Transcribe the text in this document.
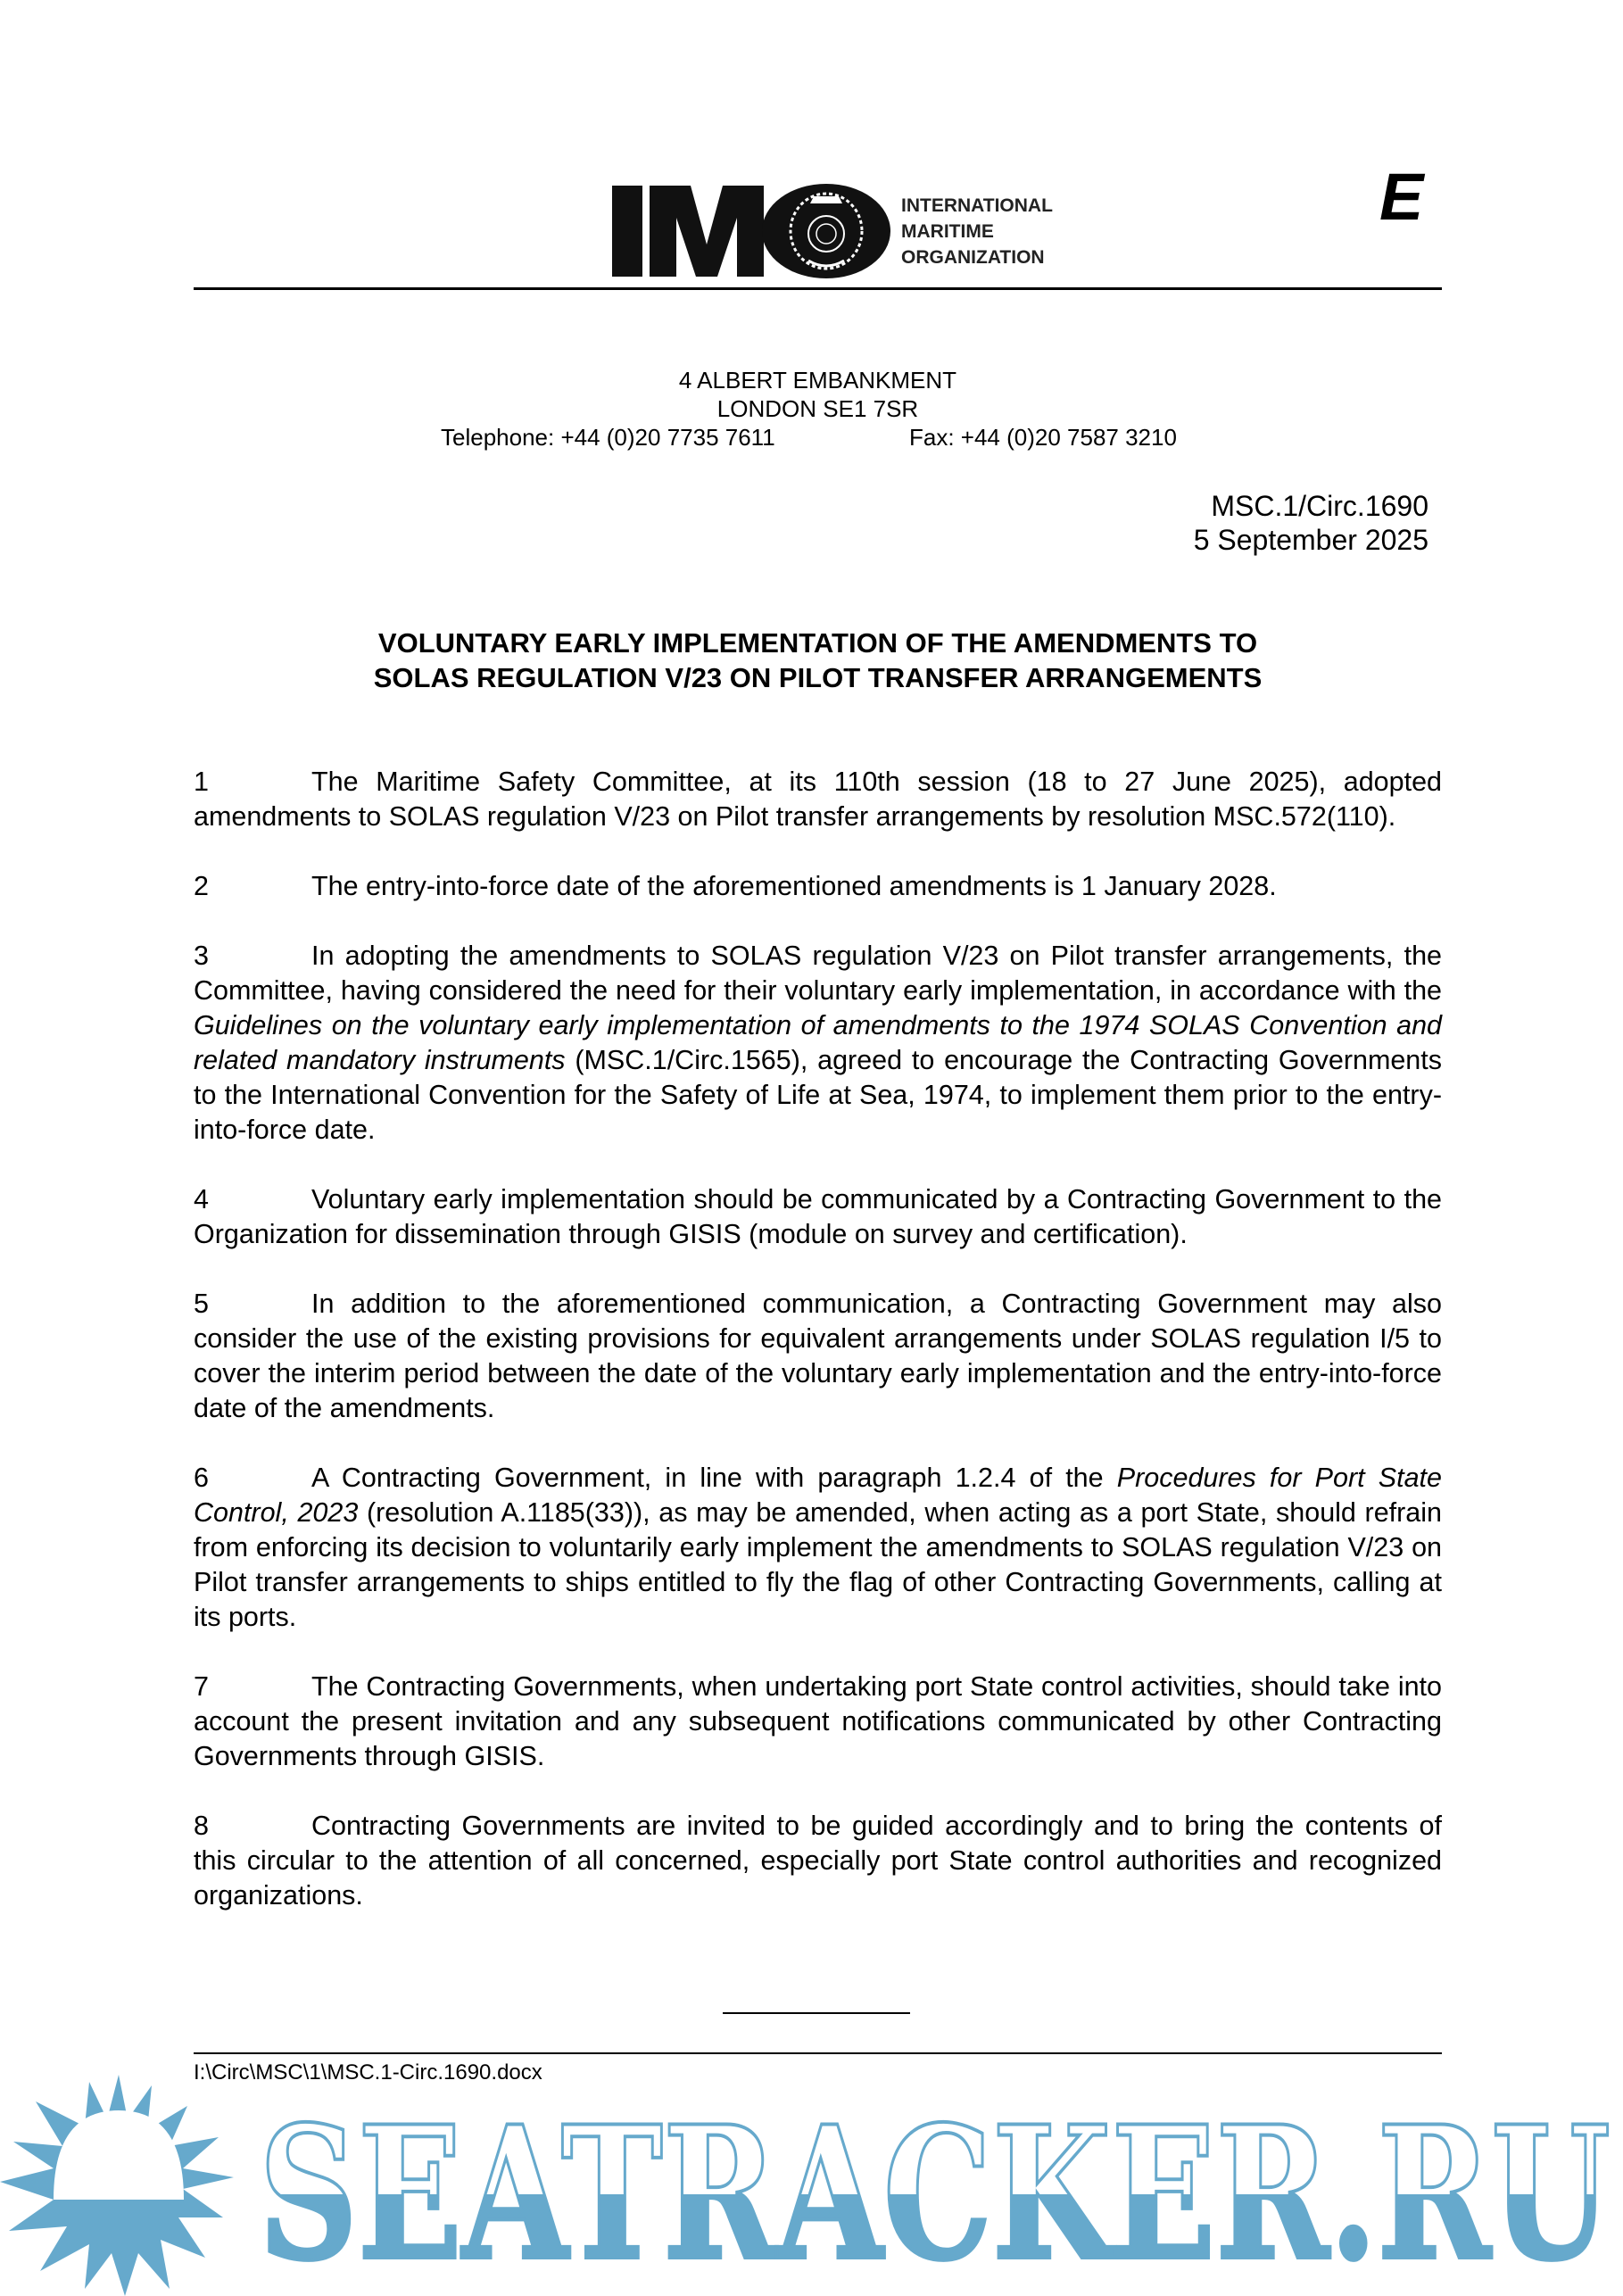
INTERNATIONAL
MARITIME
ORGANIZATION
E
4 ALBERT EMBANKMENT
LONDON SE1 7SR
Telephone: +44 (0)20 7735 7611	Fax: +44 (0)20 7587 3210
MSC.1/Circ.1690
5 September 2025
VOLUNTARY EARLY IMPLEMENTATION OF THE AMENDMENTS TO
SOLAS REGULATION V/23 ON PILOT TRANSFER ARRANGEMENTS

1	The Maritime Safety Committee, at its 110th session (18 to 27 June 2025), adopted amendments to SOLAS regulation V/23 on Pilot transfer arrangements by resolution MSC.572(110).

2	The entry-into-force date of the aforementioned amendments is 1 January 2028.

3	In adopting the amendments to SOLAS regulation V/23 on Pilot transfer arrangements, the Committee, having considered the need for their voluntary early implementation, in accordance with the Guidelines on the voluntary early implementation of amendments to the 1974 SOLAS Convention and related mandatory instruments (MSC.1/Circ.1565), agreed to encourage the Contracting Governments to the International Convention for the Safety of Life at Sea, 1974, to implement them prior to the entry-into-force date.

4	Voluntary early implementation should be communicated by a Contracting Government to the Organization for dissemination through GISIS (module on survey and certification).

5	In addition to the aforementioned communication, a Contracting Government may also consider the use of the existing provisions for equivalent arrangements under SOLAS regulation I/5 to cover the interim period between the date of the voluntary early implementation and the entry-into-force date of the amendments.

6	A Contracting Government, in line with paragraph 1.2.4 of the Procedures for Port State Control, 2023 (resolution A.1185(33)), as may be amended, when acting as a port State, should refrain from enforcing its decision to voluntarily early implement the amendments to SOLAS regulation V/23 on Pilot transfer arrangements to ships entitled to fly the flag of other Contracting Governments, calling at its ports.

7	The Contracting Governments, when undertaking port State control activities, should take into account the present invitation and any subsequent notifications communicated by other Contracting Governments through GISIS.

8	Contracting Governments are invited to be guided accordingly and to bring the contents of this circular to the attention of all concerned, especially port State control authorities and recognized organizations.

I:\Circ\MSC\1\MSC.1-Circ.1690.docx
SEATRACKER.RU
